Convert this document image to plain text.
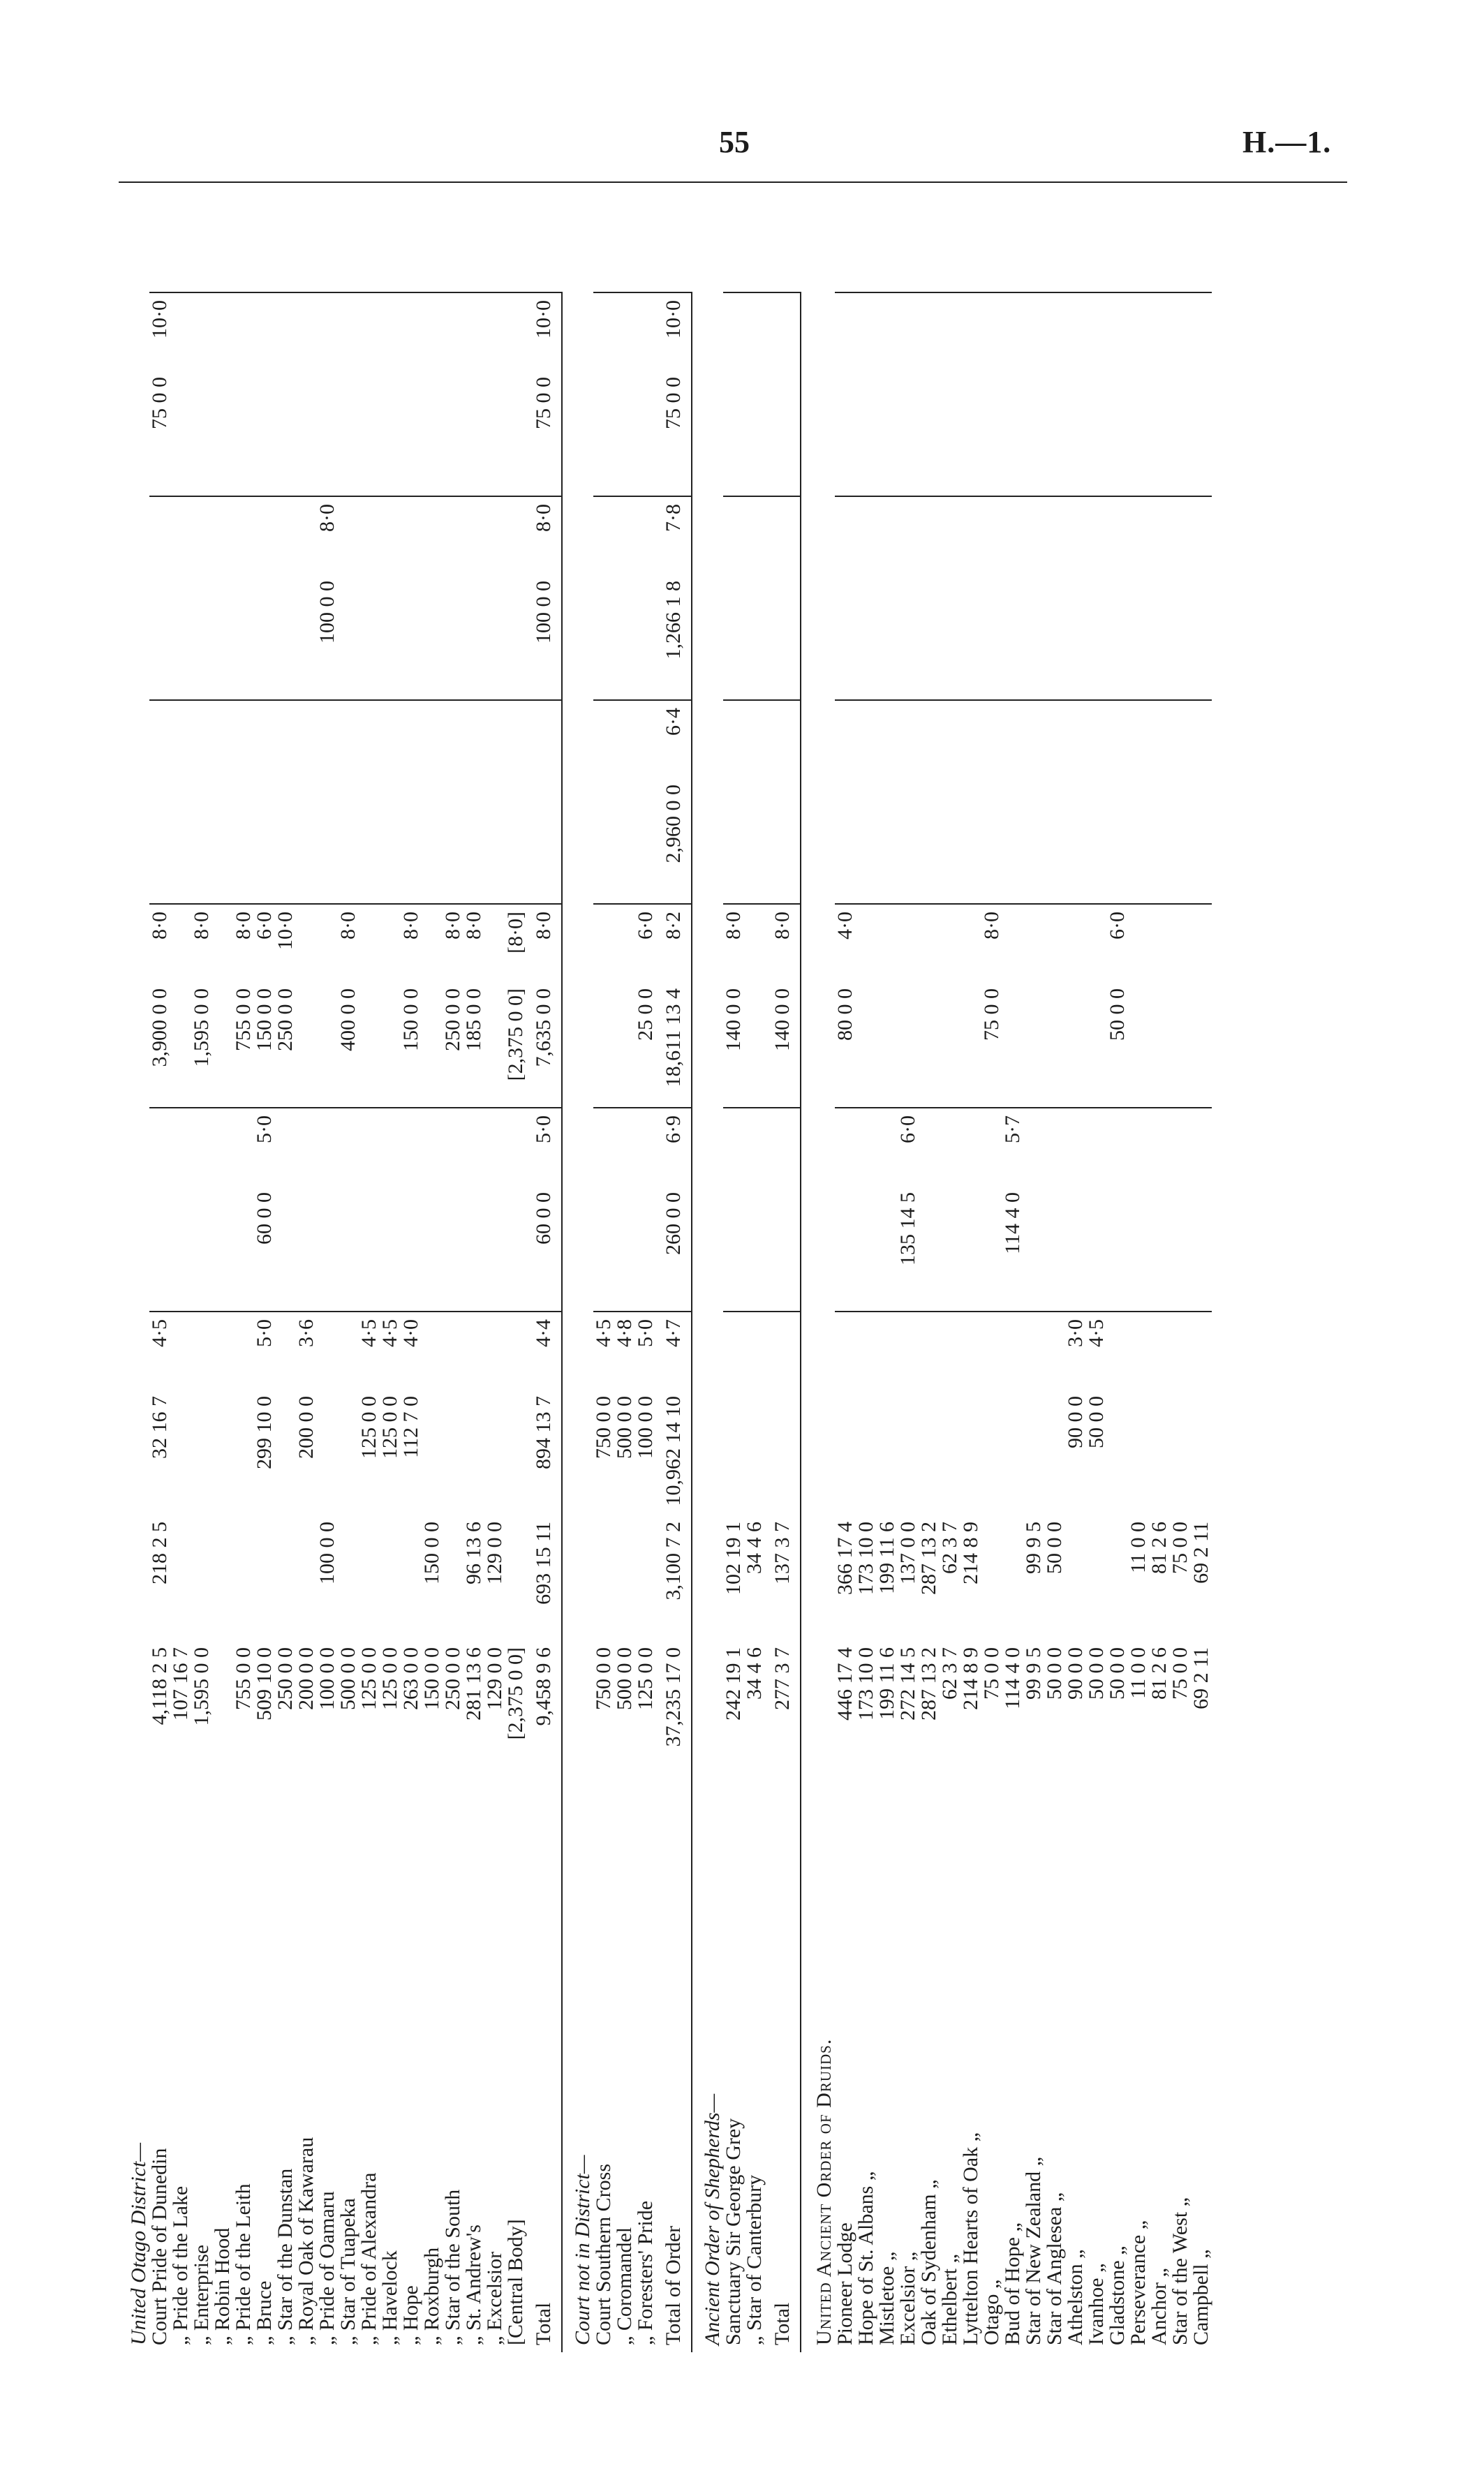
55	H.—1.
United Otago District—														
Court Pride of Dunedin	4,118 2 5	218 2 5	32 16 7	4·5			3,900 0 0	8·0					75 0 0	10·0
„ Pride of the Lake	107 16 7													
„ Enterprise	1,595 0 0						1,595 0 0	8·0						
„ Robin Hood														
„ Pride of the Leith	755 0 0						755 0 0	8·0						
„ Bruce	509 10 0		299 10 0	5·0	60 0 0	5·0	150 0 0	6·0						
„ Star of the Dunstan	250 0 0						250 0 0	10·0						
„ Royal Oak of Kawarau	200 0 0		200 0 0	3·6										
„ Pride of Oamaru	100 0 0	100 0 0									100 0 0	8·0		
„ Star of Tuapeka	500 0 0						400 0 0	8·0						
„ Pride of Alexandra	125 0 0		125 0 0	4·5										
„ Havelock	125 0 0		125 0 0	4·5										
„ Hope	263 0 0		112 7 0	4·0			150 0 0	8·0						
„ Roxburgh	150 0 0	150 0 0												
„ Star of the South	250 0 0						250 0 0	8·0						
„ St. Andrew's	281 13 6	96 13 6					185 0 0	8·0						
„ Excelsior	129 0 0	129 0 0												
[Central Body]	[2,375 0 0]						[2,375 0 0]	[8·0]						
Total	9,458 9 6	693 15 11	894 13 7	4·4	60 0 0	5·0	7,635 0 0	8·0			100 0 0	8·0	75 0 0	10·0
Court not in District—														
Court Southern Cross	750 0 0		750 0 0	4·5										
„ Coromandel	500 0 0		500 0 0	4·8										
„ Foresters' Pride	125 0 0		100 0 0	5·0			25 0 0	6·0						
Total of Order	37,235 17 0	3,100 7 2	10,962 14 10	4·7	260 0 0	6·9	18,611 13 4	8·2	2,960 0 0	6·4	1,266 1 8	7·8	75 0 0	10·0
Ancient Order of Shepherds—														
Sanctuary Sir George Grey	242 19 1	102 19 1					140 0 0	8·0						
„ Star of Canterbury	34 4 6	34 4 6												
Total	277 3 7	137 3 7					140 0 0	8·0						
United Ancient Order of Druids.														
Pioneer Lodge	446 17 4	366 17 4					80 0 0	4·0						
Hope of St. Albans „	173 10 0	173 10 0												
Mistletoe „	199 11 6	199 11 6												
Excelsior „	272 14 5	137 0 0			135 14 5	6·0								
Oak of Sydenham „	287 13 2	287 13 2												
Ethelbert „	62 3 7	62 3 7												
Lyttelton Hearts of Oak „	214 8 9	214 8 9												
Otago „	75 0 0						75 0 0	8·0						
Bud of Hope „	114 4 0				114 4 0	5·7								
Star of New Zealand „	99 9 5	99 9 5												
Star of Anglesea „	50 0 0	50 0 0												
Athelston „	90 0 0		90 0 0	3·0										
Ivanhoe „	50 0 0		50 0 0	4·5										
Gladstone „	50 0 0						50 0 0	6·0						
Perseverance „	11 0 0	11 0 0												
Anchor „	81 2 6	81 2 6												
Star of the West „	75 0 0	75 0 0												
Campbell „	69 2 11	69 2 11												
